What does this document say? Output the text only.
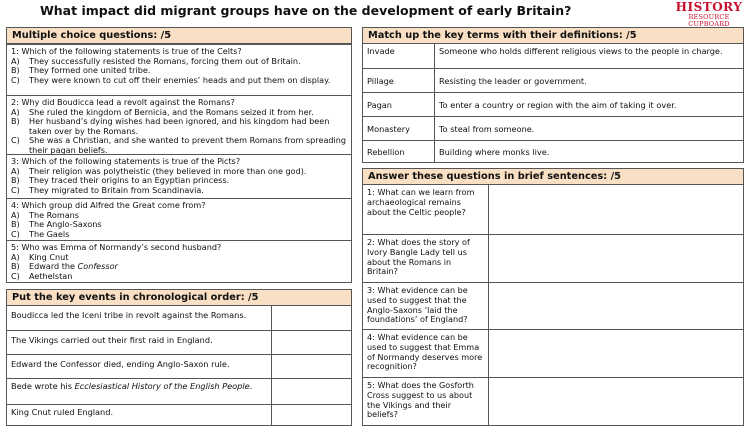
What impact did migrant groups have on the development of early Britain?	HISTORY
RESOURCE CUPBOARD
Multiple choice questions: /5
1: Which of the following statements is true of the Celts?
A)	They successfully resisted the Romans, forcing them out of Britain.
B)	They formed one united tribe.
C)	They were known to cut off their enemies’ heads and put them on display.
2: Why did Boudicca lead a revolt against the Romans?
A)	She ruled the kingdom of Bernicia, and the Romans seized it from her.
B)	Her husband’s dying wishes had been ignored, and his kingdom had been taken over by the Romans.
C)	She was a Christian, and she wanted to prevent them Romans from spreading their pagan beliefs.
3: Which of the following statements is true of the Picts?
A)	Their religion was polytheistic (they believed in more than one god).
B)	They traced their origins to an Egyptian princess.
C)	They migrated to Britain from Scandinavia.
4: Which group did Alfred the Great come from?
A)	The Romans
B)	The Anglo-Saxons
C)	The Gaels
5: Who was Emma of Normandy’s second husband?
A)	King Cnut
B)	Edward the Confessor
C)	Aethelstan
Put the key events in chronological order: /5
Boudicca led the Iceni tribe in revolt against the Romans.
The Vikings carried out their first raid in England.
Edward the Confessor died, ending Anglo-Saxon rule.
Bede wrote his Ecclesiastical History of the English People.
King Cnut ruled England.
Match up the key terms with their definitions: /5
Invade	Someone who holds different religious views to the people in charge.
Pillage	Resisting the leader or government.
Pagan	To enter a country or region with the aim of taking it over.
Monastery	To steal from someone.
Rebellion	Building where monks live.
Answer these questions in brief sentences: /5
1: What can we learn from archaeological remains about the Celtic people?
2: What does the story of Ivory Bangle Lady tell us about the Romans in Britain?
3: What evidence can be used to suggest that the Anglo-Saxons ‘laid the foundations’ of England?
4: What evidence can be used to suggest that Emma of Normandy deserves more recognition?
5: What does the Gosforth Cross suggest to us about the Vikings and their beliefs?
